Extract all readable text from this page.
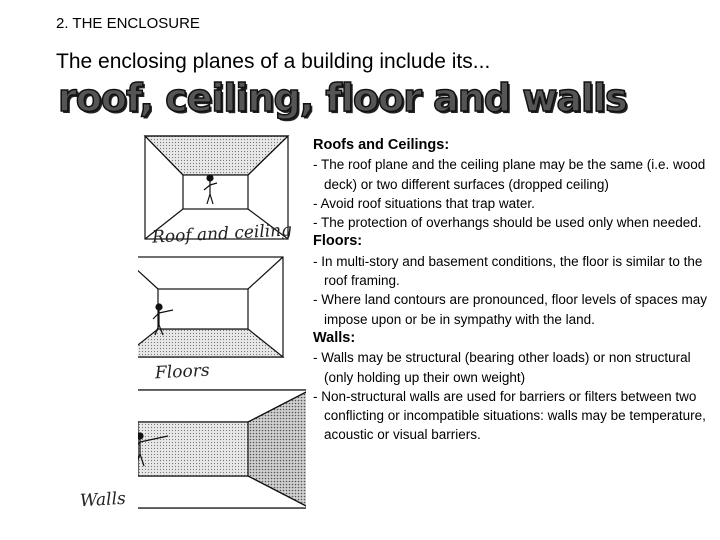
2. THE ENCLOSURE
The enclosing planes of a building include its...
roof, ceiling, floor and walls
Roof and ceiling
Floors
Walls
Roofs and Ceilings:
- The roof plane and the ceiling plane may be the same (i.e. wood deck) or two different surfaces (dropped ceiling)
- Avoid roof situations that trap water.
- The protection of overhangs should be used only when needed.
Floors:
- In multi-story and basement conditions, the floor is similar to the roof framing.
- Where land contours are pronounced, floor levels of spaces may impose upon or be in sympathy with the land.
Walls:
- Walls may be structural (bearing other loads) or non structural (only holding up their own weight)
- Non-structural walls are used for barriers or filters between two conflicting or incompatible situations: walls may be temperature, acoustic or visual barriers.
